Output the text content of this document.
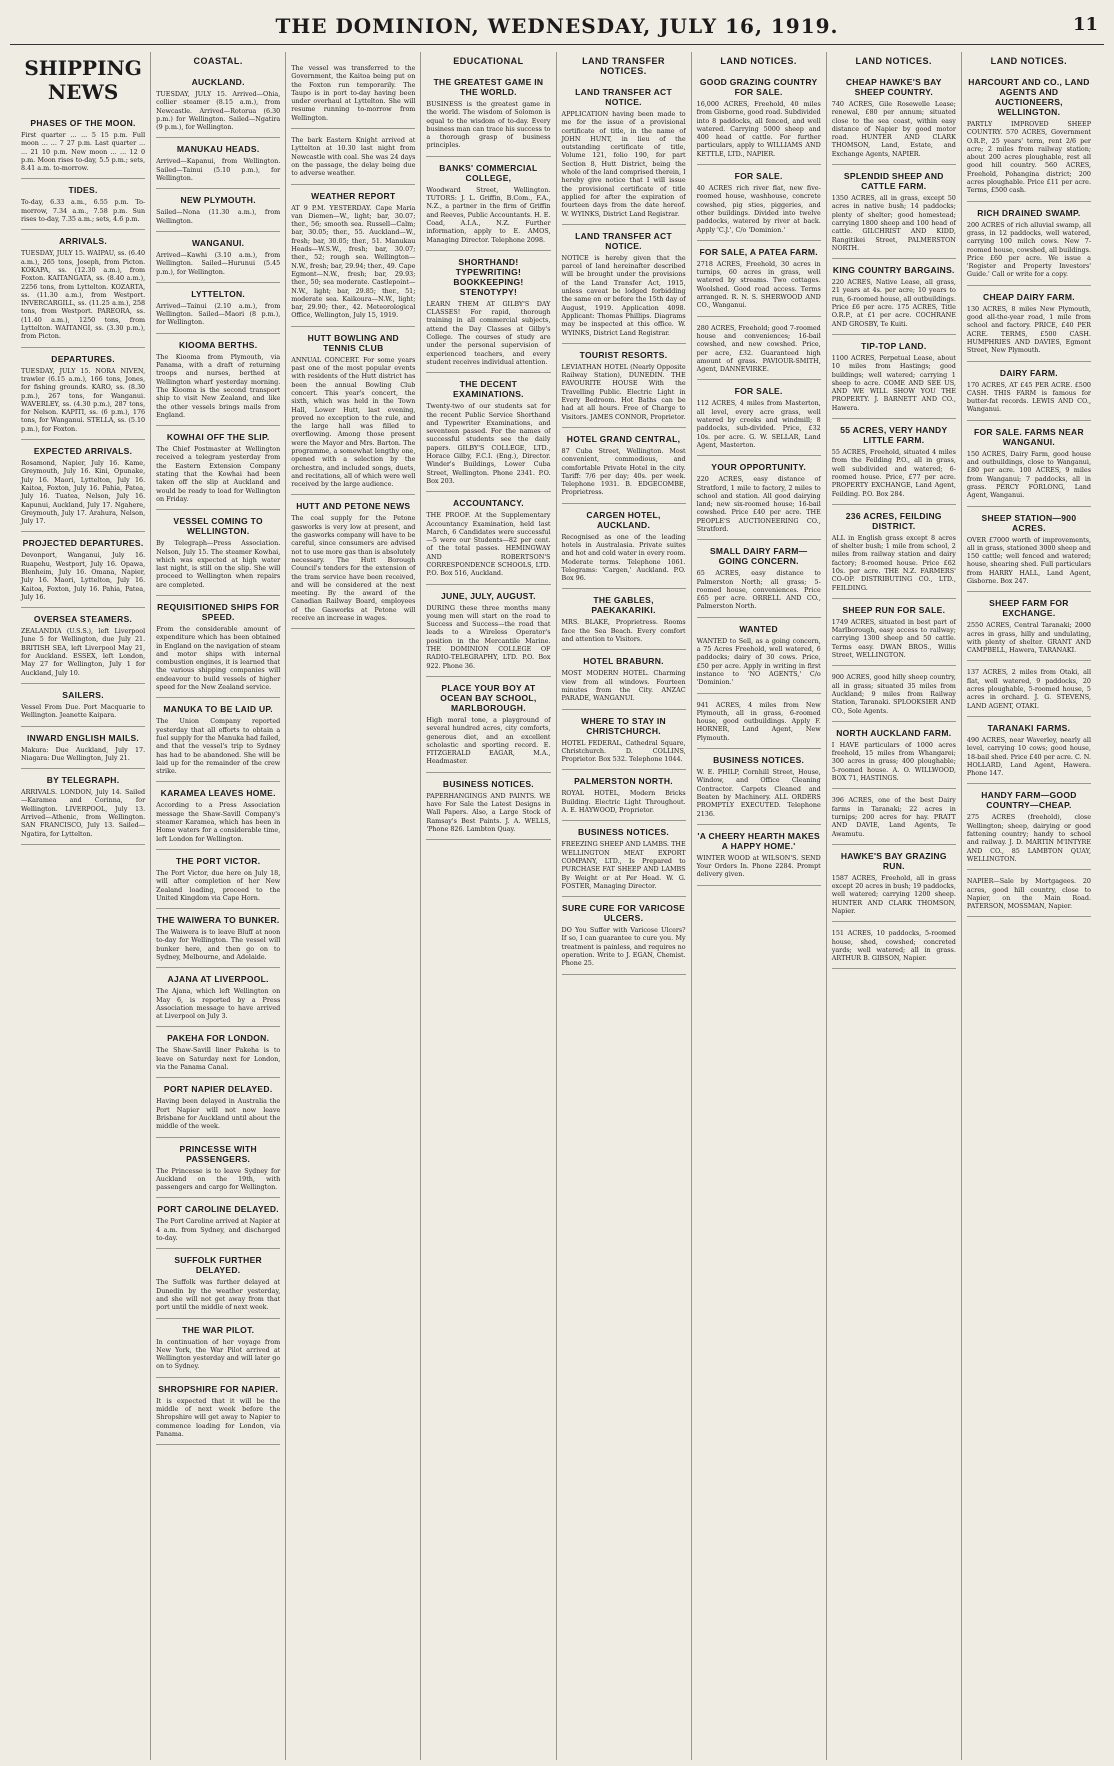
THE DOMINION, WEDNESDAY, JULY 16, 1919.	11
SHIPPING NEWS
PHASES OF THE MOON.

First quarter ... ... 5 15 p.m. Full moon ... ... 7 27 p.m. Last quarter ... ... 21 10 p.m. New moon ... ... 12 0 p.m. Moon rises to-day, 5.5 p.m.; sets, 8.41 a.m. to-morrow.

TIDES.

To-day, 6.33 a.m., 6.55 p.m. To-morrow, 7.34 a.m., 7.58 p.m. Sun rises to-day, 7.35 a.m.; sets, 4.6 p.m.

ARRIVALS.

TUESDAY, JULY 15. WAIPAU, ss. (6.40 a.m.), 265 tons, Joseph, from Picton. KOKAPA, ss. (12.30 a.m.), from Foxton. KAITANGATA, ss. (8.40 a.m.), 2256 tons, from Lyttelton. KOZARTA, ss. (11.30 a.m.), from Westport. INVERCARGILL, ss. (11.25 a.m.), 258 tons, from Westport. PAREORA, ss. (11.40 a.m.), 1250 tons, from Lyttelton. WAITANGI, ss. (3.30 p.m.), from Picton.

DEPARTURES.

TUESDAY, JULY 15. NORA NIVEN, trawler (6.15 a.m.), 166 tons, Jones, for fishing grounds. KARO, ss. (8.30 p.m.), 267 tons, for Wanganui. WAVERLEY, ss. (4.30 p.m.), 287 tons, for Nelson. KAPITI, ss. (6 p.m.), 176 tons, for Wanganui. STELLA, ss. (5.10 p.m.), for Foxton.

EXPECTED ARRIVALS.

Rosamond, Napier, July 16. Kame, Greymouth, July 16. Kini, Opunake, July 16. Maori, Lyttelton, July 16. Kaitoa, Foxton, July 16. Pahia, Patea, July 16. Tuatea, Nelson, July 16. Kapunui, Auckland, July 17. Ngahere, Greymouth, July 17. Arahura, Nelson, July 17.

PROJECTED DEPARTURES.

Devonport, Wanganui, July 16. Ruapehu, Westport, July 16. Opawa, Blenheim, July 16. Omana, Napier, July 16. Maori, Lyttelton, July 16. Kaitoa, Foxton, July 16. Pahia, Patea, July 16.

OVERSEA STEAMERS.

ZEALANDIA (U.S.S.), left Liverpool June 5 for Wellington, due July 21. BRITISH SEA, left Liverpool May 21, for Auckland. ESSEX, left London, May 27 for Wellington, July 1 for Auckland, July 10.

SAILERS.

Vessel From Due. Port Macquarie to Wellington. Jeanette Kaipara.

INWARD ENGLISH MAILS.

Makura: Due Auckland, July 17. Niagara: Due Wellington, July 21.

BY TELEGRAPH.

ARRIVALS. LONDON, July 14. Sailed—Karamea and Corinna, for Wellington. LIVERPOOL, July 13. Arrived—Athenic, from Wellington. SAN FRANCISCO, July 13. Sailed—Ngatira, for Lyttelton.

COASTAL.
AUCKLAND.

TUESDAY, JULY 15. Arrived—Ohia, collier steamer (8.15 a.m.), from Newcastle. Arrived—Rotorua (6.30 p.m.) for Wellington. Sailed—Ngatira (9 p.m.), for Wellington.

MANUKAU HEADS.

Arrived—Kapanui, from Wellington. Sailed—Tainui (5.10 p.m.), for Wellington.

NEW PLYMOUTH.

Sailed—Nona (11.30 a.m.), from Wellington.

WANGANUI.

Arrived—Kawhi (3.10 a.m.), from Wellington. Sailed—Hurunui (5.45 p.m.), for Wellington.

LYTTELTON.

Arrived—Tainui (2.10 a.m.), from Wellington. Sailed—Maori (8 p.m.), for Wellington.

KIOOMA BERTHS.

The Kiooma from Plymouth, via Panama, with a draft of returning troops and nurses, berthed at Wellington wharf yesterday morning. The Kiooma is the second transport ship to visit New Zealand, and like the other vessels brings mails from England.

KOWHAI OFF THE SLIP.

The Chief Postmaster at Wellington received a telegram yesterday from the Eastern Extension Company stating that the Kowhai had been taken off the slip at Auckland and would be ready to load for Wellington on Friday.

VESSEL COMING TO WELLINGTON.

By Telegraph—Press Association. Nelson, July 15. The steamer Kowhai, which was expected at high water last night, is still on the slip. She will proceed to Wellington when repairs are completed.

REQUISITIONED SHIPS FOR SPEED.

From the considerable amount of expenditure which has been obtained in England on the navigation of steam and motor ships with internal combustion engines, it is learned that the various shipping companies will endeavour to build vessels of higher speed for the New Zealand service.

MANUKA TO BE LAID UP.

The Union Company reported yesterday that all efforts to obtain a fuel supply for the Manuka had failed, and that the vessel's trip to Sydney has had to be abandoned. She will be laid up for the remainder of the crew strike.

KARAMEA LEAVES HOME.

According to a Press Association message the Shaw-Savill Company's steamer Karamea, which has been in Home waters for a considerable time, left London for Wellington.

THE PORT VICTOR.

The Port Victor, due here on July 18, will after completion of her New Zealand loading, proceed to the United Kingdom via Cape Horn.

THE WAIWERA TO BUNKER.

The Waiwera is to leave Bluff at noon to-day for Wellington. The vessel will bunker here, and then go on to Sydney, Melbourne, and Adelaide.

AJANA AT LIVERPOOL.

The Ajana, which left Wellington on May 6, is reported by a Press Association message to have arrived at Liverpool on July 3.

PAKEHA FOR LONDON.

The Shaw-Savill liner Pakeha is to leave on Saturday next for London, via the Panama Canal.

PORT NAPIER DELAYED.

Having been delayed in Australia the Port Napier will not now leave Brisbane for Auckland until about the middle of the week.

PRINCESSE WITH PASSENGERS.

The Princesse is to leave Sydney for Auckland on the 19th, with passengers and cargo for Wellington.

PORT CAROLINE DELAYED.

The Port Caroline arrived at Napier at 4 a.m. from Sydney, and discharged to-day.

SUFFOLK FURTHER DELAYED.

The Suffolk was further delayed at Dunedin by the weather yesterday, and she will not get away from that port until the middle of next week.

THE WAR PILOT.

In continuation of her voyage from New York, the War Pilot arrived at Wellington yesterday and will later go on to Sydney.

SHROPSHIRE FOR NAPIER.

It is expected that it will be the middle of next week before the Shropshire will get away to Napier to commence loading for London, via Panama.

The vessel was transferred to the Government, the Kaitoa being put on the Foxton run temporarily. The Taupo is in port to-day having been under overhaul at Lyttelton. She will resume running to-morrow from Wellington.

The bark Eastern Knight arrived at Lyttelton at 10.30 last night from Newcastle with coal. She was 24 days on the passage, the delay being due to adverse weather.

WEATHER REPORT

AT 9 P.M. YESTERDAY. Cape Maria van Diemen—W., light; bar, 30.07; ther., 56; smooth sea. Russell—Calm; bar, 30.05; ther., 55. Auckland—W., fresh; bar, 30.05; ther., 51. Manukau Heads—W.S.W., fresh; bar, 30.07; ther., 52; rough sea. Wellington—N.W., fresh; bar, 29.94; ther., 49. Cape Egmont—N.W., fresh; bar, 29.93; ther., 50; sea moderate. Castlepoint—N.W., light; bar, 29.85; ther., 51; moderate sea. Kaikoura—N.W., light; bar, 29.90; ther., 42. Meteorological Office, Wellington, July 15, 1919.

HUTT BOWLING AND TENNIS CLUB

ANNUAL CONCERT. For some years past one of the most popular events with residents of the Hutt district has been the annual Bowling Club concert. This year's concert, the sixth, which was held in the Town Hall, Lower Hutt, last evening, proved no exception to the rule, and the large hall was filled to overflowing. Among those present were the Mayor and Mrs. Barton. The programme, a somewhat lengthy one, opened with a selection by the orchestra, and included songs, duets, and recitations, all of which were well received by the large audience.

HUTT AND PETONE NEWS

The coal supply for the Petone gasworks is very low at present, and the gasworks company will have to be careful, since consumers are advised not to use more gas than is absolutely necessary. The Hutt Borough Council's tenders for the extension of the tram service have been received, and will be considered at the next meeting. By the award of the Canadian Railway Board, employees of the Gasworks at Petone will receive an increase in wages.

EDUCATIONAL
THE GREATEST GAME IN THE WORLD.

BUSINESS is the greatest game in the world. The wisdom of Solomon is equal to the wisdom of to-day. Every business man can trace his success to a thorough grasp of business principles.

BANKS' COMMERCIAL COLLEGE,

Woodward Street, Wellington. TUTORS: J. L. Griffin, B.Com., F.A., N.Z., a partner in the firm of Griffin and Reeves, Public Accountants. H. E. Coad, A.I.A., N.Z. Further information, apply to E. AMOS, Managing Director. Telephone 2098.

SHORTHAND! TYPEWRITING! BOOKKEEPING! STENOTYPY!

LEARN THEM AT GILBY'S DAY CLASSES! For rapid, thorough training in all commercial subjects, attend the Day Classes at Gilby's College. The courses of study are under the personal supervision of experienced teachers, and every student receives individual attention.

THE DECENT EXAMINATIONS.

Twenty-two of our students sat for the recent Public Service Shorthand and Typewriter Examinations, and seventeen passed. For the names of successful students see the daily papers. GILBY'S COLLEGE, LTD., Horace Gilby, F.C.I. (Eng.), Director. Winder's Buildings, Lower Cuba Street, Wellington. Phone 2341. P.O. Box 203.

ACCOUNTANCY.

THE PROOF. At the Supplementary Accountancy Examination, held last March, 6 Candidates were successful—5 were our Students—82 per cent. of the total passes. HEMINGWAY AND ROBERTSON'S CORRESPONDENCE SCHOOLS, LTD. P.O. Box 516, Auckland.

JUNE, JULY, AUGUST.

DURING these three months many young men will start on the road to Success and Success—the road that leads to a Wireless Operator's position in the Mercantile Marine. THE DOMINION COLLEGE OF RADIO-TELEGRAPHY, LTD. P.O. Box 922. Phone 36.

PLACE YOUR BOY AT OCEAN BAY SCHOOL, MARLBOROUGH.

High moral tone, a playground of several hundred acres, city comforts, generous diet, and an excellent scholastic and sporting record. E. FITZGERALD EAGAR, M.A., Headmaster.

BUSINESS NOTICES.

PAPERHANGINGS AND PAINTS. WE have For Sale the Latest Designs in Wall Papers. Also, a Large Stock of Ramsay's Best Paints. J. A. WELLS, 'Phone 826. Lambton Quay.

LAND TRANSFER NOTICES.
LAND TRANSFER ACT NOTICE.

APPLICATION having been made to me for the issue of a provisional certificate of title, in the name of JOHN HUNT, in lieu of the outstanding certificate of title, Volume 121, folio 190, for part Section 8, Hutt District, being the whole of the land comprised therein, I hereby give notice that I will issue the provisional certificate of title applied for after the expiration of fourteen days from the date hereof. W. WYINKS, District Land Registrar.

LAND TRANSFER ACT NOTICE.

NOTICE is hereby given that the parcel of land hereinafter described will be brought under the provisions of the Land Transfer Act, 1915, unless caveat be lodged forbidding the same on or before the 15th day of August, 1919. Application 4098. Applicant: Thomas Phillips. Diagrams may be inspected at this office. W. WYINKS, District Land Registrar.

TOURIST RESORTS.

LEVIATHAN HOTEL (Nearly Opposite Railway Station), DUNEDIN. THE FAVOURITE HOUSE With the Travelling Public. Electric Light in Every Bedroom. Hot Baths can be had at all hours. Free of Charge to Visitors. JAMES CONNOR, Proprietor.

HOTEL GRAND CENTRAL,

87 Cuba Street, Wellington. Most convenient, commodious, and comfortable Private Hotel in the city. Tariff: 7/6 per day; 40s. per week. Telephone 1931. B. EDGECOMBE, Proprietress.

CARGEN HOTEL, AUCKLAND.

Recognised as one of the leading hotels in Australasia. Private suites and hot and cold water in every room. Moderate terms. Telephone 1061. Telegrams: 'Cargen,' Auckland. P.O. Box 96.

THE GABLES, PAEKAKARIKI.

MRS. BLAKE, Proprietress. Rooms face the Sea Beach. Every comfort and attention to Visitors.

HOTEL BRABURN.

MOST MODERN HOTEL. Charming view from all windows. Fourteen minutes from the City. ANZAC PARADE, WANGANUI.

WHERE TO STAY IN CHRISTCHURCH.

HOTEL FEDERAL, Cathedral Square, Christchurch. D. COLLINS, Proprietor. Box 532. Telephone 1044.

PALMERSTON NORTH.

ROYAL HOTEL, Modern Bricks Building. Electric Light Throughout. A. E. HAYWOOD, Proprietor.

BUSINESS NOTICES.

FREEZING SHEEP AND LAMBS. THE WELLINGTON MEAT EXPORT COMPANY, LTD., Is Prepared to PURCHASE FAT SHEEP AND LAMBS By Weight or at Per Head. W. G. FOSTER, Managing Director.

SURE CURE FOR VARICOSE ULCERS.

DO You Suffer with Varicose Ulcers? If so, I can guarantee to cure you. My treatment is painless, and requires no operation. Write to J. EGAN, Chemist. Phone 25.

LAND NOTICES.
GOOD GRAZING COUNTRY FOR SALE.

16,000 ACRES, Freehold, 40 miles from Gisborne, good road. Subdivided into 8 paddocks, all fenced, and well watered. Carrying 5000 sheep and 400 head of cattle. For further particulars, apply to WILLIAMS AND KETTLE, LTD., NAPIER.

FOR SALE.

40 ACRES rich river flat, new five-roomed house, washhouse, concrete cowshed, pig sties, piggeries, and other buildings. Divided into twelve paddocks, watered by river at back. Apply 'C.J.', C/o 'Dominion.'

FOR SALE, A PATEA FARM.

2718 ACRES, Freehold, 30 acres in turnips, 60 acres in grass, well watered by streams. Two cottages. Woolshed. Good road access. Terms arranged. R. N. S. SHERWOOD AND CO., Wanganui.

280 ACRES, Freehold; good 7-roomed house and conveniences; 16-bail cowshed, and new cowshed. Price, per acre, £32. Guaranteed high amount of grass. PAVIOUR-SMITH, Agent, DANNEVIRKE.

FOR SALE.

112 ACRES, 4 miles from Masterton, all level, every acre grass, well watered by creeks and windmill; 8 paddocks, sub-divided. Price, £32 10s. per acre. G. W. SELLAR, Land Agent, Masterton.

YOUR OPPORTUNITY.

220 ACRES, easy distance of Stratford, 1 mile to factory, 2 miles to school and station. All good dairying land; new six-roomed house; 16-bail cowshed. Price £40 per acre. THE PEOPLE'S AUCTIONEERING CO., Stratford.

SMALL DAIRY FARM—GOING CONCERN.

65 ACRES, easy distance to Palmerston North; all grass; 5-roomed house, conveniences. Price £65 per acre. ORRELL AND CO., Palmerston North.

WANTED

WANTED to Sell, as a going concern, a 75 Acres Freehold, well watered, 6 paddocks; dairy of 30 cows. Price, £50 per acre. Apply in writing in first instance to 'NO AGENTS,' C/o 'Dominion.'

941 ACRES, 4 miles from New Plymouth, all in grass, 6-roomed house, good outbuildings. Apply F. HORNER, Land Agent, New Plymouth.

BUSINESS NOTICES.

W. E. PHILP, Cornhill Street, House, Window, and Office Cleaning Contractor. Carpets Cleaned and Beaten by Machinery. ALL ORDERS PROMPTLY EXECUTED. Telephone 2136.

'A CHEERY HEARTH MAKES A HAPPY HOME.'

WINTER WOOD at WILSON'S. SEND Your Orders In. Phone 2284. Prompt delivery given.

LAND NOTICES.
CHEAP HAWKE'S BAY SHEEP COUNTRY.

740 ACRES, Gile Rosewelle Lease; renewal, £80 per annum; situated close to the sea coast, within easy distance of Napier by good motor road. HUNTER AND CLARK THOMSON, Land, Estate, and Exchange Agents, NAPIER.

SPLENDID SHEEP AND CATTLE FARM.

1350 ACRES, all in grass, except 50 acres in native bush; 14 paddocks; plenty of shelter; good homestead; carrying 1800 sheep and 100 head of cattle. GILCHRIST AND KIDD, Rangitikei Street, PALMERSTON NORTH.

KING COUNTRY BARGAINS.

220 ACRES, Native Lease, all grass, 21 years at 4s. per acre; 10 years to run, 6-roomed house, all outbuildings. Price £6 per acre. 175 ACRES, Title O.R.P., at £1 per acre. COCHRANE AND GROSBY, Te Kuiti.

TIP-TOP LAND.

1100 ACRES, Perpetual Lease, about 10 miles from Hastings; good buildings; well watered; carrying 1 sheep to acre. COME AND SEE US, AND WE WILL SHOW YOU THE PROPERTY. J. BARNETT AND CO., Hawera.

55 ACRES, VERY HANDY LITTLE FARM.

55 ACRES, Freehold, situated 4 miles from the Feilding P.O., all in grass, well subdivided and watered; 6-roomed house. Price, £77 per acre. PROPERTY EXCHANGE, Land Agent, Feilding. P.O. Box 284.

236 ACRES, FEILDING DISTRICT.

ALL in English grass except 8 acres of shelter bush; 1 mile from school, 2 miles from railway station and dairy factory; 8-roomed house. Price £62 10s. per acre. THE N.Z. FARMERS' CO-OP. DISTRIBUTING CO., LTD., FEILDING.

SHEEP RUN FOR SALE.

1749 ACRES, situated in best part of Marlborough, easy access to railway; carrying 1300 sheep and 50 cattle. Terms easy. DWAN BROS., Willis Street, WELLINGTON.

900 ACRES, good hilly sheep country, all in grass; situated 35 miles from Auckland; 9 miles from Railway Station, Taranaki. SPLOOKSIER AND CO., Sole Agents.

NORTH AUCKLAND FARM.

I HAVE particulars of 1000 acres freehold, 15 miles from Whangarei; 300 acres in grass; 400 ploughable; 5-roomed house. A. O. WILLWOOD, BOX 71, HASTINGS.

396 ACRES, one of the best Dairy farms in Taranaki; 22 acres in turnips; 200 acres for hay. PRATT AND DAVIE, Land Agents, Te Awamutu.

HAWKE'S BAY GRAZING RUN.

1587 ACRES, Freehold, all in grass except 20 acres in bush; 19 paddocks, well watered; carrying 1200 sheep. HUNTER AND CLARK THOMSON, Napier.

151 ACRES, 10 paddocks, 5-roomed house, shed, cowshed; concreted yards; well watered; all in grass. ARTHUR B. GIBSON, Napier.

LAND NOTICES.
HARCOURT AND CO., LAND AGENTS AND AUCTIONEERS, WELLINGTON.

PARTLY IMPROVED SHEEP COUNTRY. 570 ACRES, Government O.R.P., 25 years' term, rent 2/6 per acre; 2 miles from railway station; about 200 acres ploughable, rest all good hill country. 560 ACRES, Freehold, Pohangina district; 200 acres ploughable. Price £11 per acre. Terms, £500 cash.

RICH DRAINED SWAMP.

200 ACRES of rich alluvial swamp, all grass, in 12 paddocks, well watered, carrying 100 milch cows. New 7-roomed house, cowshed, all buildings. Price £60 per acre. We issue a 'Register and Property Investors' Guide.' Call or write for a copy.

CHEAP DAIRY FARM.

130 ACRES, 8 miles New Plymouth, good all-the-year road, 1 mile from school and factory. PRICE, £40 PER ACRE. TERMS, £500 CASH. HUMPHRIES AND DAVIES, Egmont Street, New Plymouth.

DAIRY FARM.

170 ACRES, AT £45 PER ACRE. £500 CASH. THIS FARM is famous for butter-fat records. LEWIS AND CO., Wanganui.

FOR SALE. FARMS NEAR WANGANUI.

150 ACRES, Dairy Farm, good house and outbuildings, close to Wanganui, £80 per acre. 100 ACRES, 9 miles from Wanganui; 7 paddocks, all in grass. PERCY FORLONG, Land Agent, Wanganui.

SHEEP STATION—900 ACRES.

OVER £7000 worth of improvements, all in grass, stationed 3000 sheep and 150 cattle; well fenced and watered; house, shearing shed. Full particulars from HARRY HALL, Land Agent, Gisborne. Box 247.

SHEEP FARM FOR EXCHANGE.

2550 ACRES, Central Taranaki; 2000 acres in grass, hilly and undulating, with plenty of shelter. GRANT AND CAMPBELL, Hawera, TARANAKI.

137 ACRES, 2 miles from Otaki, all flat, well watered, 9 paddocks, 20 acres ploughable, 5-roomed house, 5 acres in orchard. J. G. STEVENS, LAND AGENT, OTAKI.

TARANAKI FARMS.

490 ACRES, near Waverley, nearly all level, carrying 10 cows; good house, 18-bail shed. Price £40 per acre. C. N. HOLLARD, Land Agent, Hawera. Phone 147.

HANDY FARM—GOOD COUNTRY—CHEAP.

275 ACRES (freehold), close Wellington; sheep, dairying or good fattening country; handy to school and railway. J. D. MARTIN M'INTYRE AND CO., 85 LAMBTON QUAY, WELLINGTON.

NAPIER—Sale by Mortgagees. 20 acres, good hill country, close to Napier, on the Main Road. PATERSON, MOSSMAN, Napier.
